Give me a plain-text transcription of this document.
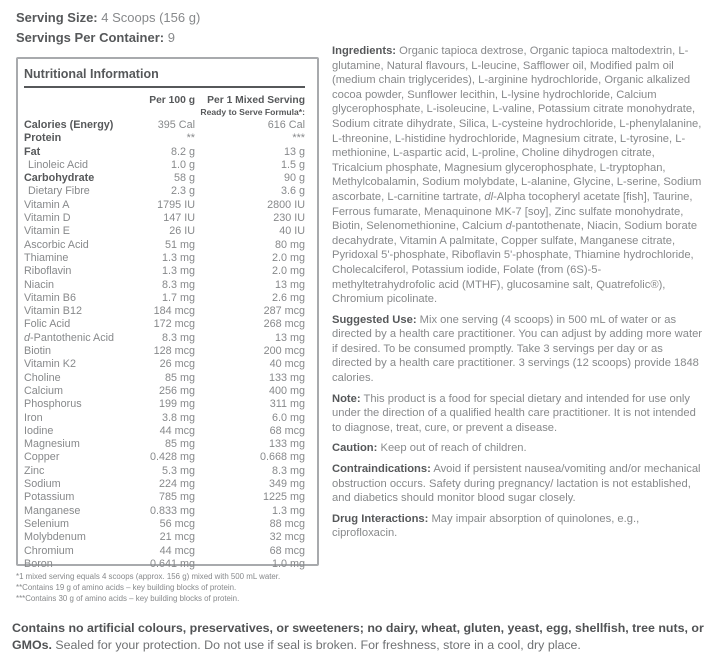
Serving Size: 4 Scoops (156 g)
Servings Per Container: 9
Nutritional Information
Per 100 g	Per 1 Mixed Serving
Ready to Serve Formula*:
Calories (Energy)	395 Cal	616 Cal
Protein	**	***
Fat	8.2 g	13 g
Linoleic Acid	1.0 g	1.5 g
Carbohydrate	58 g	90 g
Dietary Fibre	2.3 g	3.6 g
Vitamin A	1795 IU	2800 IU
Vitamin D	147 IU	230 IU
Vitamin E	26 IU	40 IU
Ascorbic Acid	51 mg	80 mg
Thiamine	1.3 mg	2.0 mg
Riboflavin	1.3 mg	2.0 mg
Niacin	8.3 mg	13 mg
Vitamin B6	1.7 mg	2.6 mg
Vitamin B12	184 mcg	287 mcg
Folic Acid	172 mcg	268 mcg
d-Pantothenic Acid	8.3 mg	13 mg
Biotin	128 mcg	200 mcg
Vitamin K2	26 mcg	40 mcg
Choline	85 mg	133 mg
Calcium	256 mg	400 mg
Phosphorus	199 mg	311 mg
Iron	3.8 mg	6.0 mg
Iodine	44 mcg	68 mcg
Magnesium	85 mg	133 mg
Copper	0.428 mg	0.668 mg
Zinc	5.3 mg	8.3 mg
Sodium	224 mg	349 mg
Potassium	785 mg	1225 mg
Manganese	0.833 mg	1.3 mg
Selenium	56 mcg	88 mcg
Molybdenum	21 mcg	32 mcg
Chromium	44 mcg	68 mcg
Boron	0.641 mg	1.0 mg
*1 mixed serving equals 4 scoops (approx. 156 g) mixed with 500 mL water.
**Contains 19 g of amino acids – key building blocks of protein.
***Contains 30 g of amino acids – key building blocks of protein.

Ingredients: Organic tapioca dextrose, Organic tapioca maltodextrin, L-glutamine, Natural flavours, L-leucine, Safflower oil, Modified palm oil (medium chain triglycerides), L-arginine hydrochloride, Organic alkalized cocoa powder, Sunflower lecithin, L-lysine hydrochloride, Calcium glycerophosphate, L-isoleucine, L-valine, Potassium citrate monohydrate, Sodium citrate dihydrate, Silica, L-cysteine hydrochloride, L-phenylalanine, L-threonine, L-histidine hydrochloride, Magnesium citrate, L-tyrosine, L-methionine, L-aspartic acid, L-proline, Choline dihydrogen citrate, Tricalcium phosphate, Magnesium glycerophosphate, L-tryptophan, Methylcobalamin, Sodium molybdate, L-alanine, Glycine, L-serine, Sodium ascorbate, L-carnitine tartrate, dl-Alpha tocopheryl acetate [fish], Taurine, Ferrous fumarate, Menaquinone MK-7 [soy], Zinc sulfate monohydrate, Biotin, Selenomethionine, Calcium d-pantothenate, Niacin, Sodium borate decahydrate, Vitamin A palmitate, Copper sulfate, Manganese citrate, Pyridoxal 5'-phosphate, Riboflavin 5'-phosphate, Thiamine hydrochloride, Cholecalciferol, Potassium iodide, Folate (from (6S)-5-methyltetrahydrofolic acid (MTHF), glucosamine salt, Quatrefolic®), Chromium picolinate.

Suggested Use: Mix one serving (4 scoops) in 500 mL of water or as directed by a health care practitioner. You can adjust by adding more water if desired. To be consumed promptly. Take 3 servings per day or as directed by a health care practitioner. 3 servings (12 scoops) provide 1848 calories.

Note: This product is a food for special dietary and intended for use only under the direction of a qualified health care practitioner. It is not intended to diagnose, treat, cure, or prevent a disease.

Caution: Keep out of reach of children.

Contraindications: Avoid if persistent nausea/vomiting and/or mechanical obstruction occurs. Safety during pregnancy/ lactation is not established, and diabetics should monitor blood sugar closely.

Drug Interactions: May impair absorption of quinolones, e.g., ciprofloxacin.

Contains no artificial colours, preservatives, or sweeteners; no dairy, wheat, gluten, yeast, egg, shellfish, tree nuts, or GMOs. Sealed for your protection. Do not use if seal is broken. For freshness, store in a cool, dry place.
